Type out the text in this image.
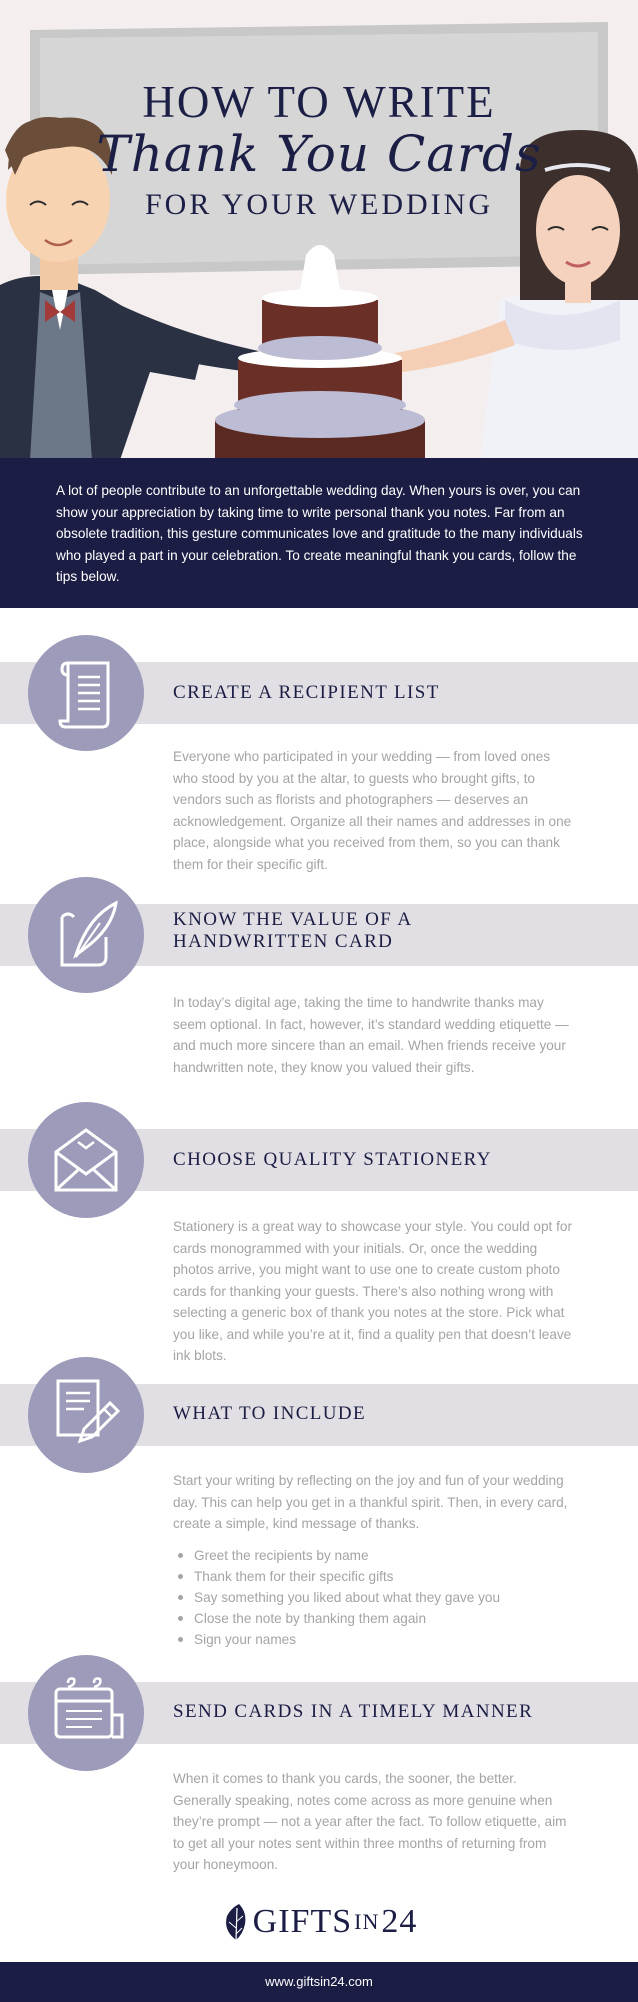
HOW TO WRITE
Thank You Cards
FOR YOUR WEDDING

A lot of people contribute to an unforgettable wedding day. When yours is over, you can show your appreciation by taking time to write personal thank you notes. Far from an obsolete tradition, this gesture communicates love and gratitude to the many individuals who played a part in your celebration. To create meaningful thank you cards, follow the tips below.

CREATE A RECIPIENT LIST

Everyone who participated in your wedding — from loved ones who stood by you at the altar, to guests who brought gifts, to vendors such as florists and photographers — deserves an acknowledgement. Organize all their names and addresses in one place, alongside what you received from them, so you can thank them for their specific gift.

KNOW THE VALUE OF A
HANDWRITTEN CARD

In today’s digital age, taking the time to handwrite thanks may seem optional. In fact, however, it’s standard wedding etiquette — and much more sincere than an email. When friends receive your handwritten note, they know you valued their gifts.

CHOOSE QUALITY STATIONERY

Stationery is a great way to showcase your style. You could opt for cards monogrammed with your initials. Or, once the wedding photos arrive, you might want to use one to create custom photo cards for thanking your guests. There’s also nothing wrong with selecting a generic box of thank you notes at the store. Pick what you like, and while you’re at it, find a quality pen that doesn’t leave ink blots.

WHAT TO INCLUDE

Start your writing by reflecting on the joy and fun of your wedding day. This can help you get in a thankful spirit. Then, in every card, create a simple, kind message of thanks.

Greet the recipients by name
Thank them for their specific gifts
Say something you liked about what they gave you
Close the note by thanking them again
Sign your names
SEND CARDS IN A TIMELY MANNER

When it comes to thank you cards, the sooner, the better. Generally speaking, notes come across as more genuine when they’re prompt — not a year after the fact. To follow etiquette, aim to get all your notes sent within three months of returning from your honeymoon.

GIFTS IN 24
www.giftsin24.com
